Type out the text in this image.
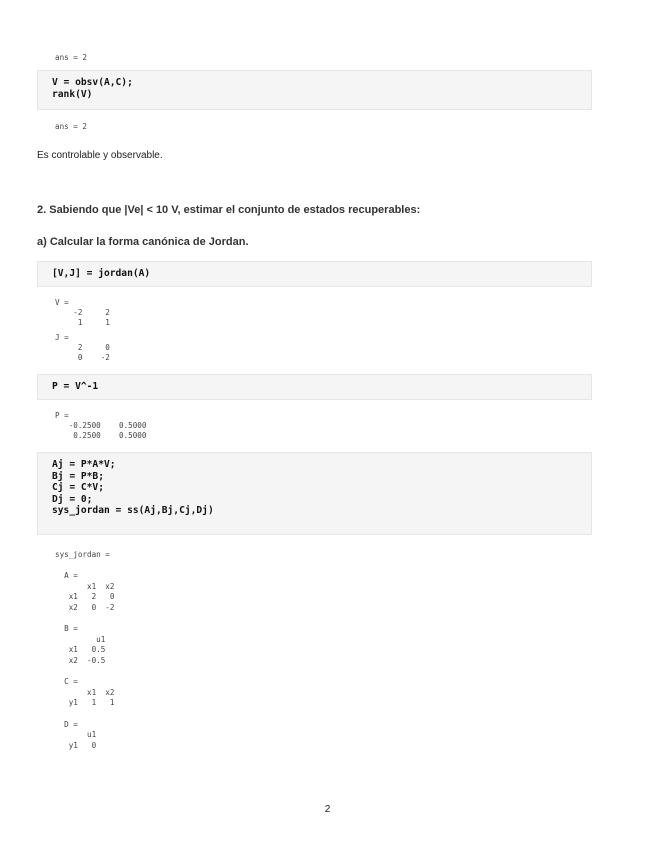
ans = 2
V = obsv(A,C);
rank(V)
ans = 2
Es controlable y observable.
2. Sabiendo que |Ve| < 10 V, estimar el conjunto de estados recuperables:
a) Calcular la forma canónica de Jordan.
[V,J] = jordan(A)
V =
-2     2
1     1
J =
2     0
0    -2
P = V^-1
P =
-0.2500    0.5000
0.2500    0.5000
Aj = P*A*V;
Bj = P*B;
Cj = C*V;
Dj = 0;
sys_jordan = ss(Aj,Bj,Cj,Dj)
sys_jordan =

A =
x1  x2
x1   2   0
x2   0  -2

B =
u1
x1   0.5
x2  -0.5

C =
x1  x2
y1   1   1

D =
u1
y1   0
2
